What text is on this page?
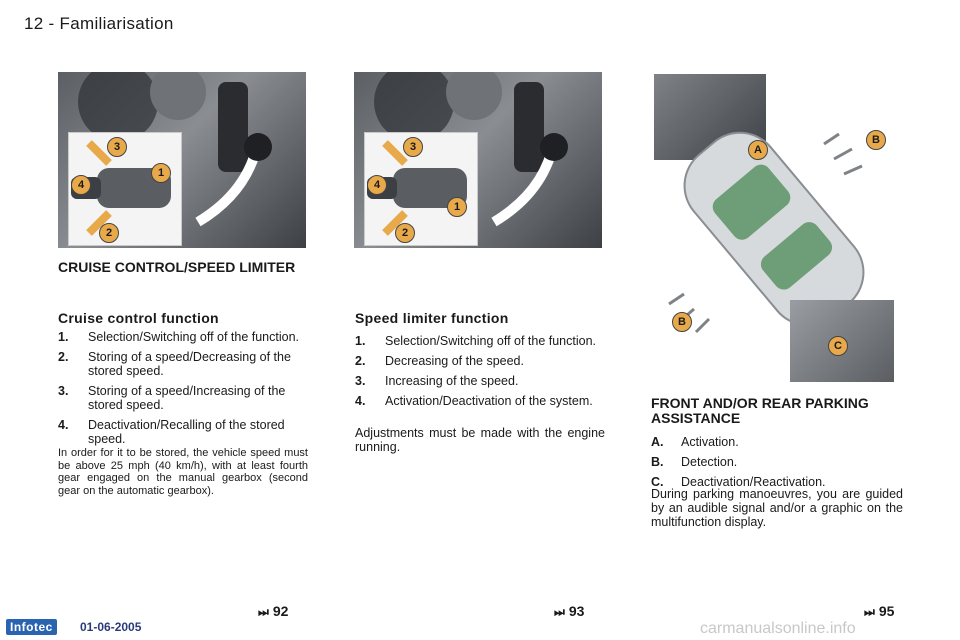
12 - Familiarisation
3
4
1
2
3
4
1
2
A
B
B
C
CRUISE CONTROL/SPEED LIMITER
Cruise control function
1.	Selection/Switching off of the function.
2.	Storing of a speed/Decreasing of the stored speed.
3.	Storing of a speed/Increasing of the stored speed.
4.	Deactivation/Recalling of the stored speed.
In order for it to be stored, the vehicle speed must be above 25 mph (40 km/h), with at least fourth gear engaged on the manual gearbox (second gear on the automatic gearbox).
Speed limiter function
1.	Selection/Switching off of the function.
2.	Decreasing of the speed.
3.	Increasing of the speed.
4.	Activation/Deactivation of the system.
Adjustments must be made with the engine running.
FRONT AND/OR REAR PARKING ASSISTANCE
A.	Activation.
B.	Detection.
C.	Deactivation/Reactivation.
During parking manoeuvres, you are guided by an audible signal and/or a graphic on the multifunction display.
⏭ 92	⏭ 93	⏭ 95
Infotec	01-06-2005	carmanualsonline.info
